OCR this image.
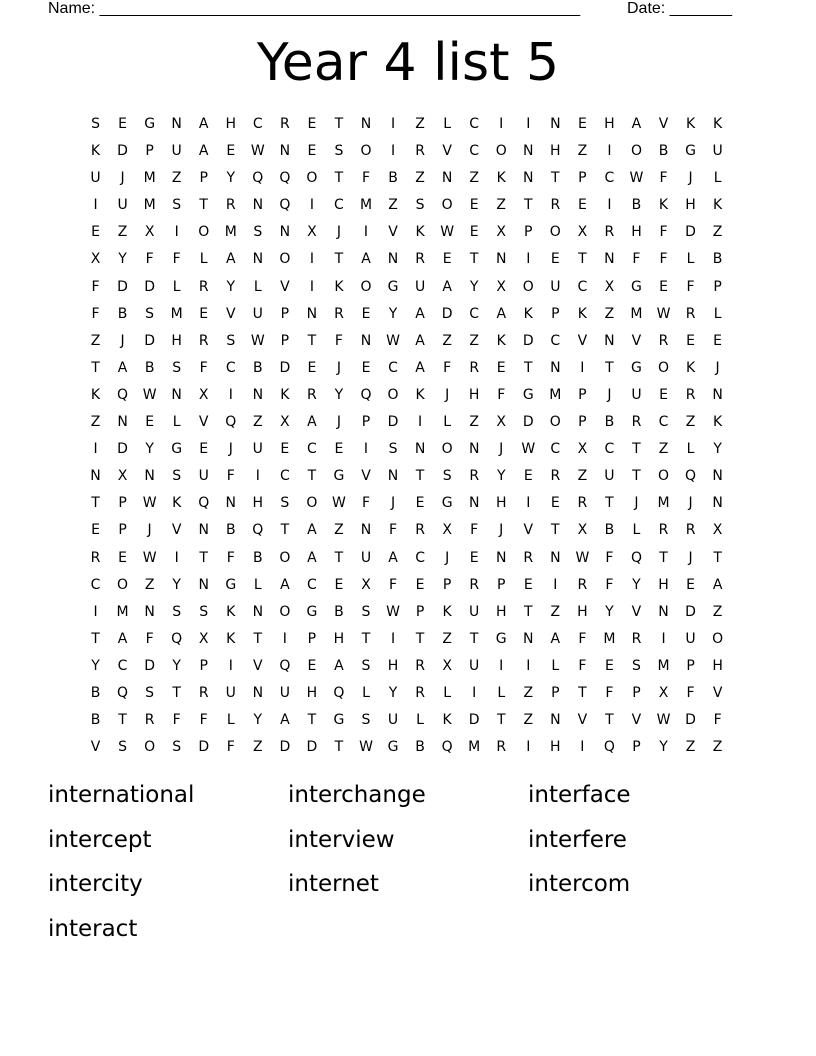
Name: ______________________________________________________	Date: _______
Year 4 list 5
S E G N A H C R E T N I Z L C I I N E H A V K K
K D P U A E W N E S O I R V C O N H Z I O B G U
U J M Z P Y Q Q O T F B Z N Z K N T P C W F J L
I U M S T R N Q I C M Z S O E Z T R E I B K H K
E Z X I O M S N X J I V K W E X P O X R H F D Z
X Y F F L A N O I T A N R E T N I E T N F F L B
F D D L R Y L V I K O G U A Y X O U C X G E F P
F B S M E V U P N R E Y A D C A K P K Z M W R L
Z J D H R S W P T F N W A Z Z K D C V N V R E E
T A B S F C B D E J E C A F R E T N I T G O K J
K Q W N X I N K R Y Q O K J H F G M P J U E R N
Z N E L V Q Z X A J P D I L Z X D O P B R C Z K
I D Y G E J U E C E I S N O N J W C X C T Z L Y
N X N S U F I C T G V N T S R Y E R Z U T O Q N
T P W K Q N H S O W F J E G N H I E R T J M J N
E P J V N B Q T A Z N F R X F J V T X B L R R X
R E W I T F B O A T U A C J E N R N W F Q T J T
C O Z Y N G L A C E X F E P R P E I R F Y H E A
I M N S S K N O G B S W P K U H T Z H Y V N D Z
T A F Q X K T I P H T I T Z T G N A F M R I U O
Y C D Y P I V Q E A S H R X U I I L F E S M P H
B Q S T R U N U H Q L Y R L I L Z P T F P X F V
B T R F F L Y A T G S U L K D T Z N V T V W D F
V S O S D F Z D D T W G B Q M R I H I Q P Y Z Z
international	interchange	interface
intercept	interview	interfere
intercity	internet	intercom
interact
